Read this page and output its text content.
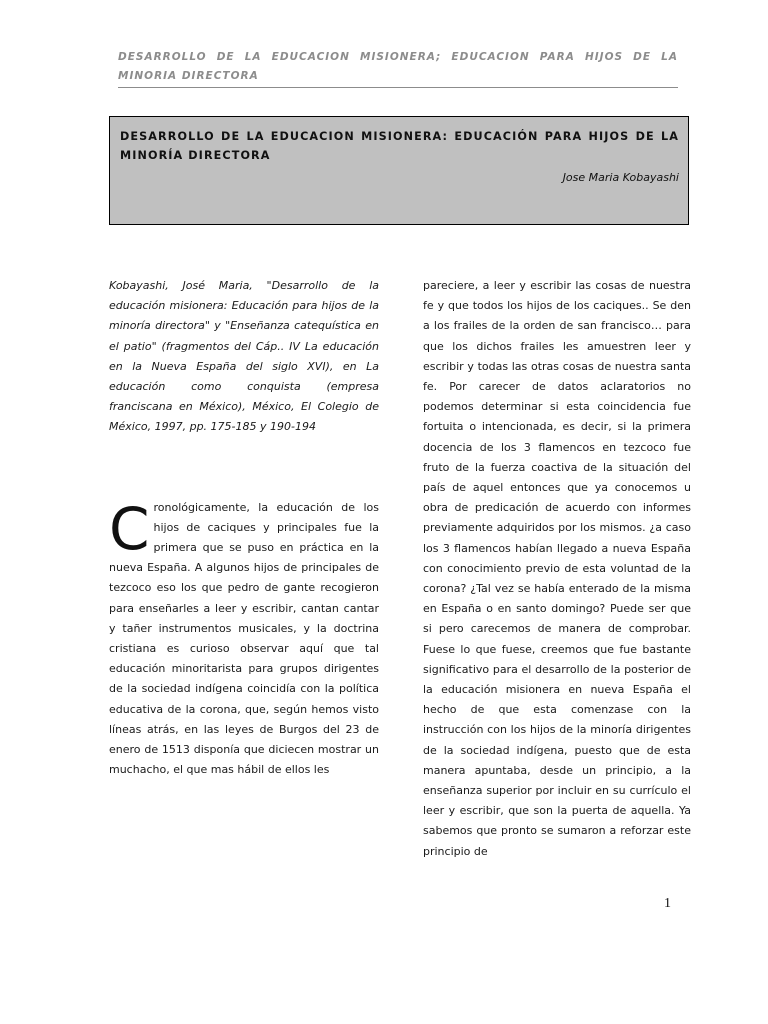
DESARROLLO DE LA EDUCACION MISIONERA; EDUCACION PARA HIJOS DE LA MINORIA DIRECTORA

DESARROLLO DE LA EDUCACION MISIONERA: EDUCACIÓN PARA HIJOS DE LA MINORÍA DIRECTORA

Jose Maria Kobayashi

Kobayashi, José Maria, "Desarrollo de la educación misionera: Educación para hijos de la minoría directora" y "Enseñanza catequística en el patio" (fragmentos del Cáp.. IV La educación en la Nueva España del siglo XVI), en La educación como conquista (empresa franciscana en México), México, El Colegio de México, 1997, pp. 175-185 y 190-194

Cronológicamente, la educación de los hijos de caciques y principales fue la primera que se puso en práctica en la nueva España. A algunos hijos de principales de tezcoco eso los que pedro de gante recogieron para enseñarles a leer y escribir, cantan cantar y tañer instrumentos musicales, y la doctrina cristiana es curioso observar aquí que tal educación minoritarista para grupos dirigentes de la sociedad indígena coincidía con la política educativa de la corona, que, según hemos visto líneas atrás, en las leyes de Burgos del 23 de enero de 1513 disponía que diciecen mostrar un muchacho, el que mas hábil de ellos les

pareciere, a leer y escribir las cosas de nuestra fe y que todos los hijos de los caciques.. Se den a los frailes de la orden de san francisco… para que los dichos frailes les amuestren leer y escribir y todas las otras cosas de nuestra santa fe. Por carecer de datos aclaratorios no podemos determinar si esta coincidencia fue fortuita o intencionada, es decir, si la primera docencia de los 3 flamencos en tezcoco fue fruto de la fuerza coactiva de la situación del país de aquel entonces que ya conocemos u obra de predicación de acuerdo con informes previamente adquiridos por los mismos. ¿a caso los 3 flamencos habían llegado a nueva España con conocimiento previo de esta voluntad de la corona? ¿Tal vez se había enterado de la misma en España o en santo domingo? Puede ser que si pero carecemos de manera de comprobar. Fuese lo que fuese, creemos que fue bastante significativo para el desarrollo de la posterior de la educación misionera en nueva España el hecho de que esta comenzase con la instrucción con los hijos de la minoría dirigentes de la sociedad indígena, puesto que de esta manera apuntaba, desde un principio, a la enseñanza superior por incluir en su currículo el leer y escribir, que son la puerta de aquella. Ya sabemos que pronto se sumaron a reforzar este principio de

1
